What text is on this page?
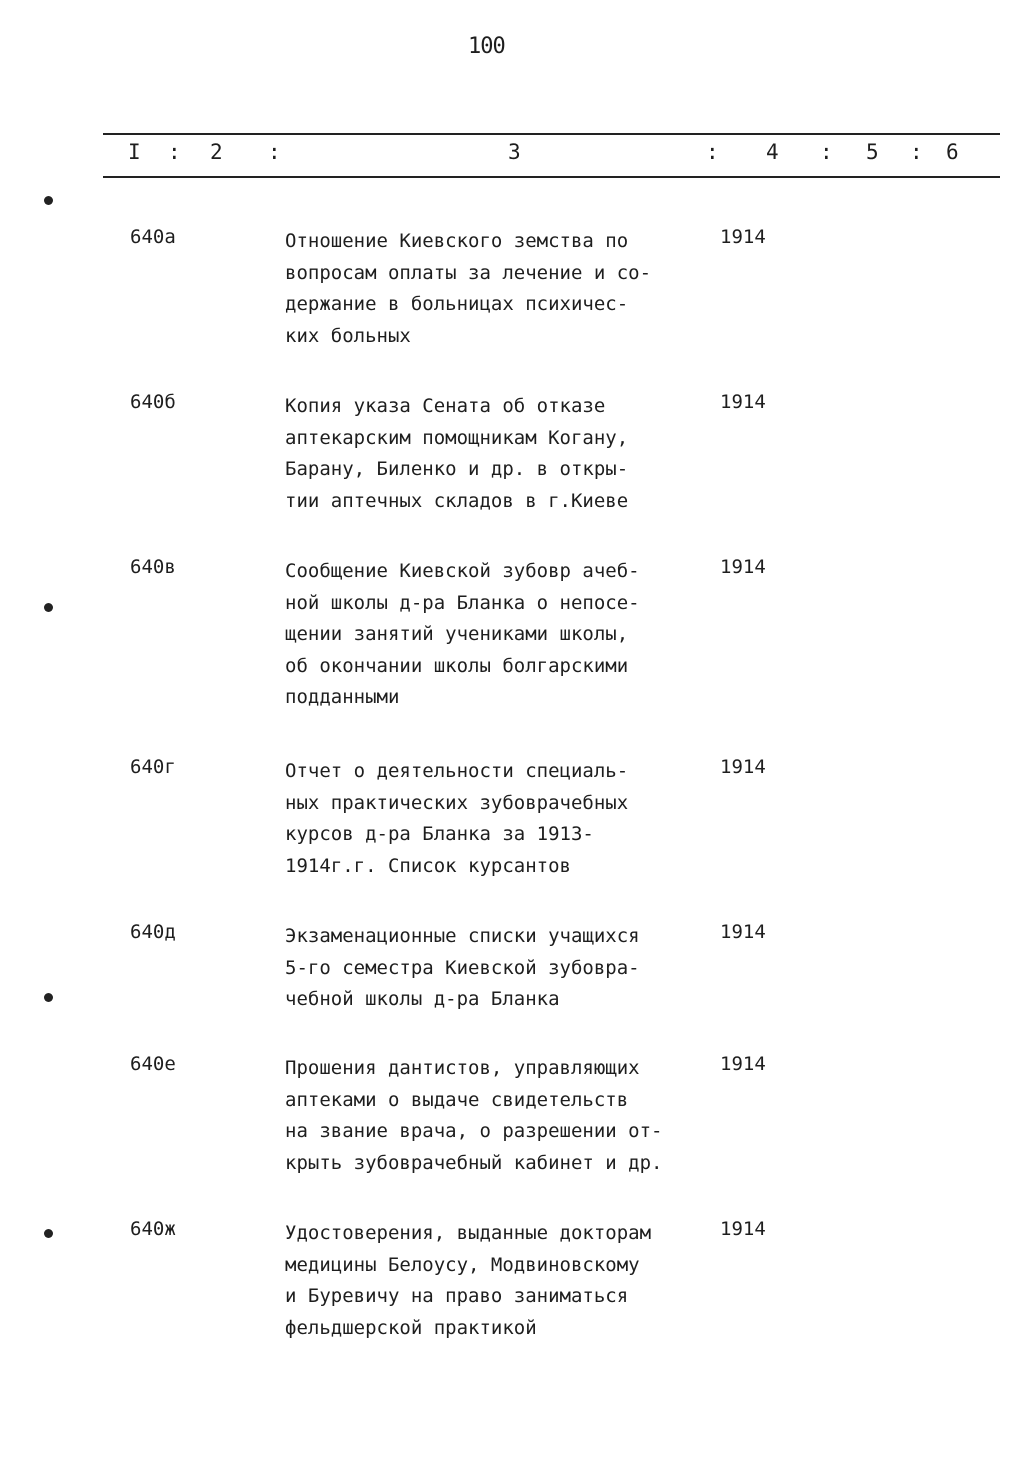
100
I : 2 :	3	: 4 : 5 : 6
640а	Отношение Киевского земства по
вопросам оплаты за лечение и со-
держание в больницах психичес-
ких больных
1914
640б	Копия указа Сената об отказе
аптекарским помощникам Когану,
Барану, Биленко и др. в откры-
тии аптечных складов в г.Киеве
1914
640в	Сообщение Киевской зубовр ачеб-
ной школы д-ра Бланка о непосе-
щении занятий учениками школы,
об окончании школы болгарскими
подданными
1914
640г	Отчет о деятельности специаль-
ных практических зубоврачебных
курсов д-ра Бланка за 1913-
1914г.г. Список курсантов
1914
640д	Экзаменационные списки учащихся
5-го семестра Киевской зубовра-
чебной школы д-ра Бланка
1914
640е	Прошения дантистов, управляющих
аптеками о выдаче свидетельств
на звание врача, о разрешении от-
крыть зубоврачебный кабинет и др.
1914
640ж	Удостоверения, выданные докторам
медицины Белоусу, Модвиновскому
и Буревичу на право заниматься
фельдшерской практикой
1914
